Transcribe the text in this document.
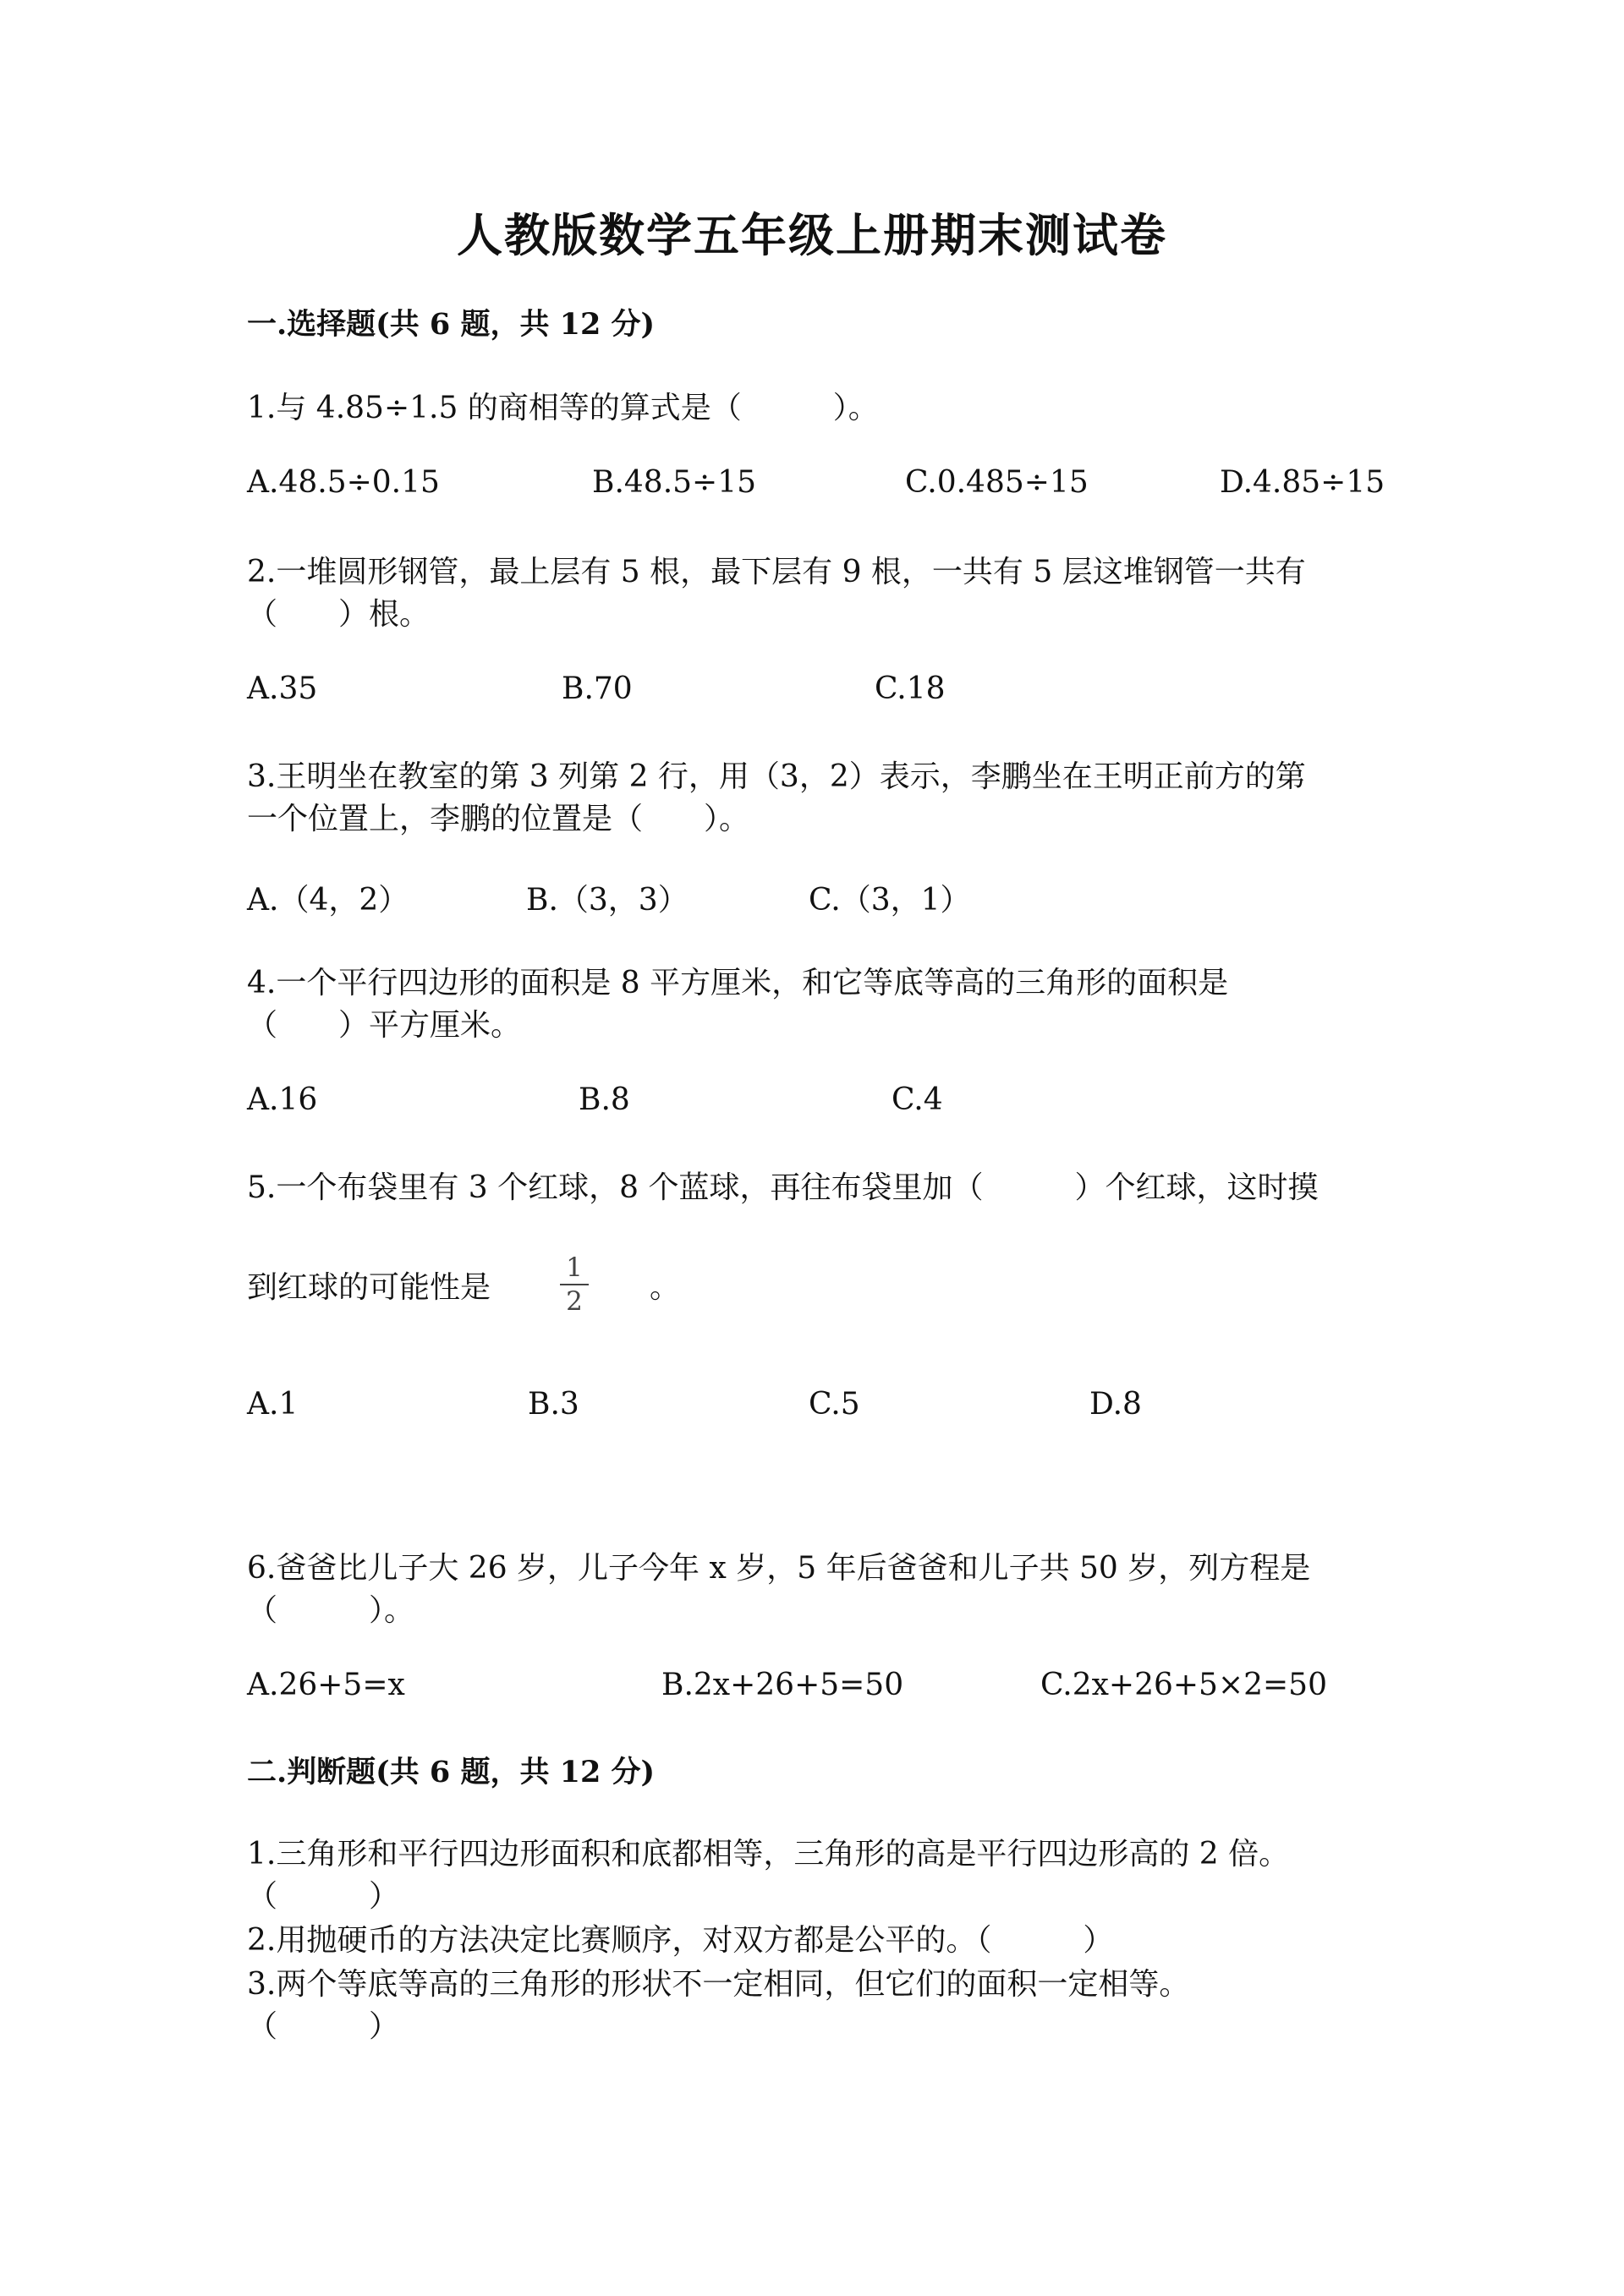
人教版数学五年级上册期末测试卷
一.选择题(共 6 题，共 12 分)
1.与 4.85÷1.5 的商相等的算式是（　　　）。
A.48.5÷0.15	B.48.5÷15	C.0.485÷15	D.4.85÷15
2.一堆圆形钢管，最上层有 5 根，最下层有 9 根，一共有 5 层这堆钢管一共有
（　　）根。
A.35	B.70	C.18
3.王明坐在教室的第 3 列第 2 行，用（3，2）表示，李鹏坐在王明正前方的第
一个位置上，李鹏的位置是（　　）。
A.（4，2）	B.（3，3）	C.（3，1）
4.一个平行四边形的面积是 8 平方厘米，和它等底等高的三角形的面积是
（　　）平方厘米。
A.16	B.8	C.4
5.一个布袋里有 3 个红球，8 个蓝球，再往布袋里加（　　　）个红球，这时摸
到红球的可能性是
1
2 。
A.1	B.3	C.5	D.8
6.爸爸比儿子大 26 岁，儿子今年 x 岁，5 年后爸爸和儿子共 50 岁，列方程是
（　　　）。
A.26+5=x	B.2x+26+5=50	C.2x+26+5×2=50
二.判断题(共 6 题，共 12 分)
1.三角形和平行四边形面积和底都相等，三角形的高是平行四边形高的 2 倍。
（　　　）
2.用抛硬币的方法决定比赛顺序，对双方都是公平的。（　　　）
3.两个等底等高的三角形的形状不一定相同，但它们的面积一定相等。
（　　　）
